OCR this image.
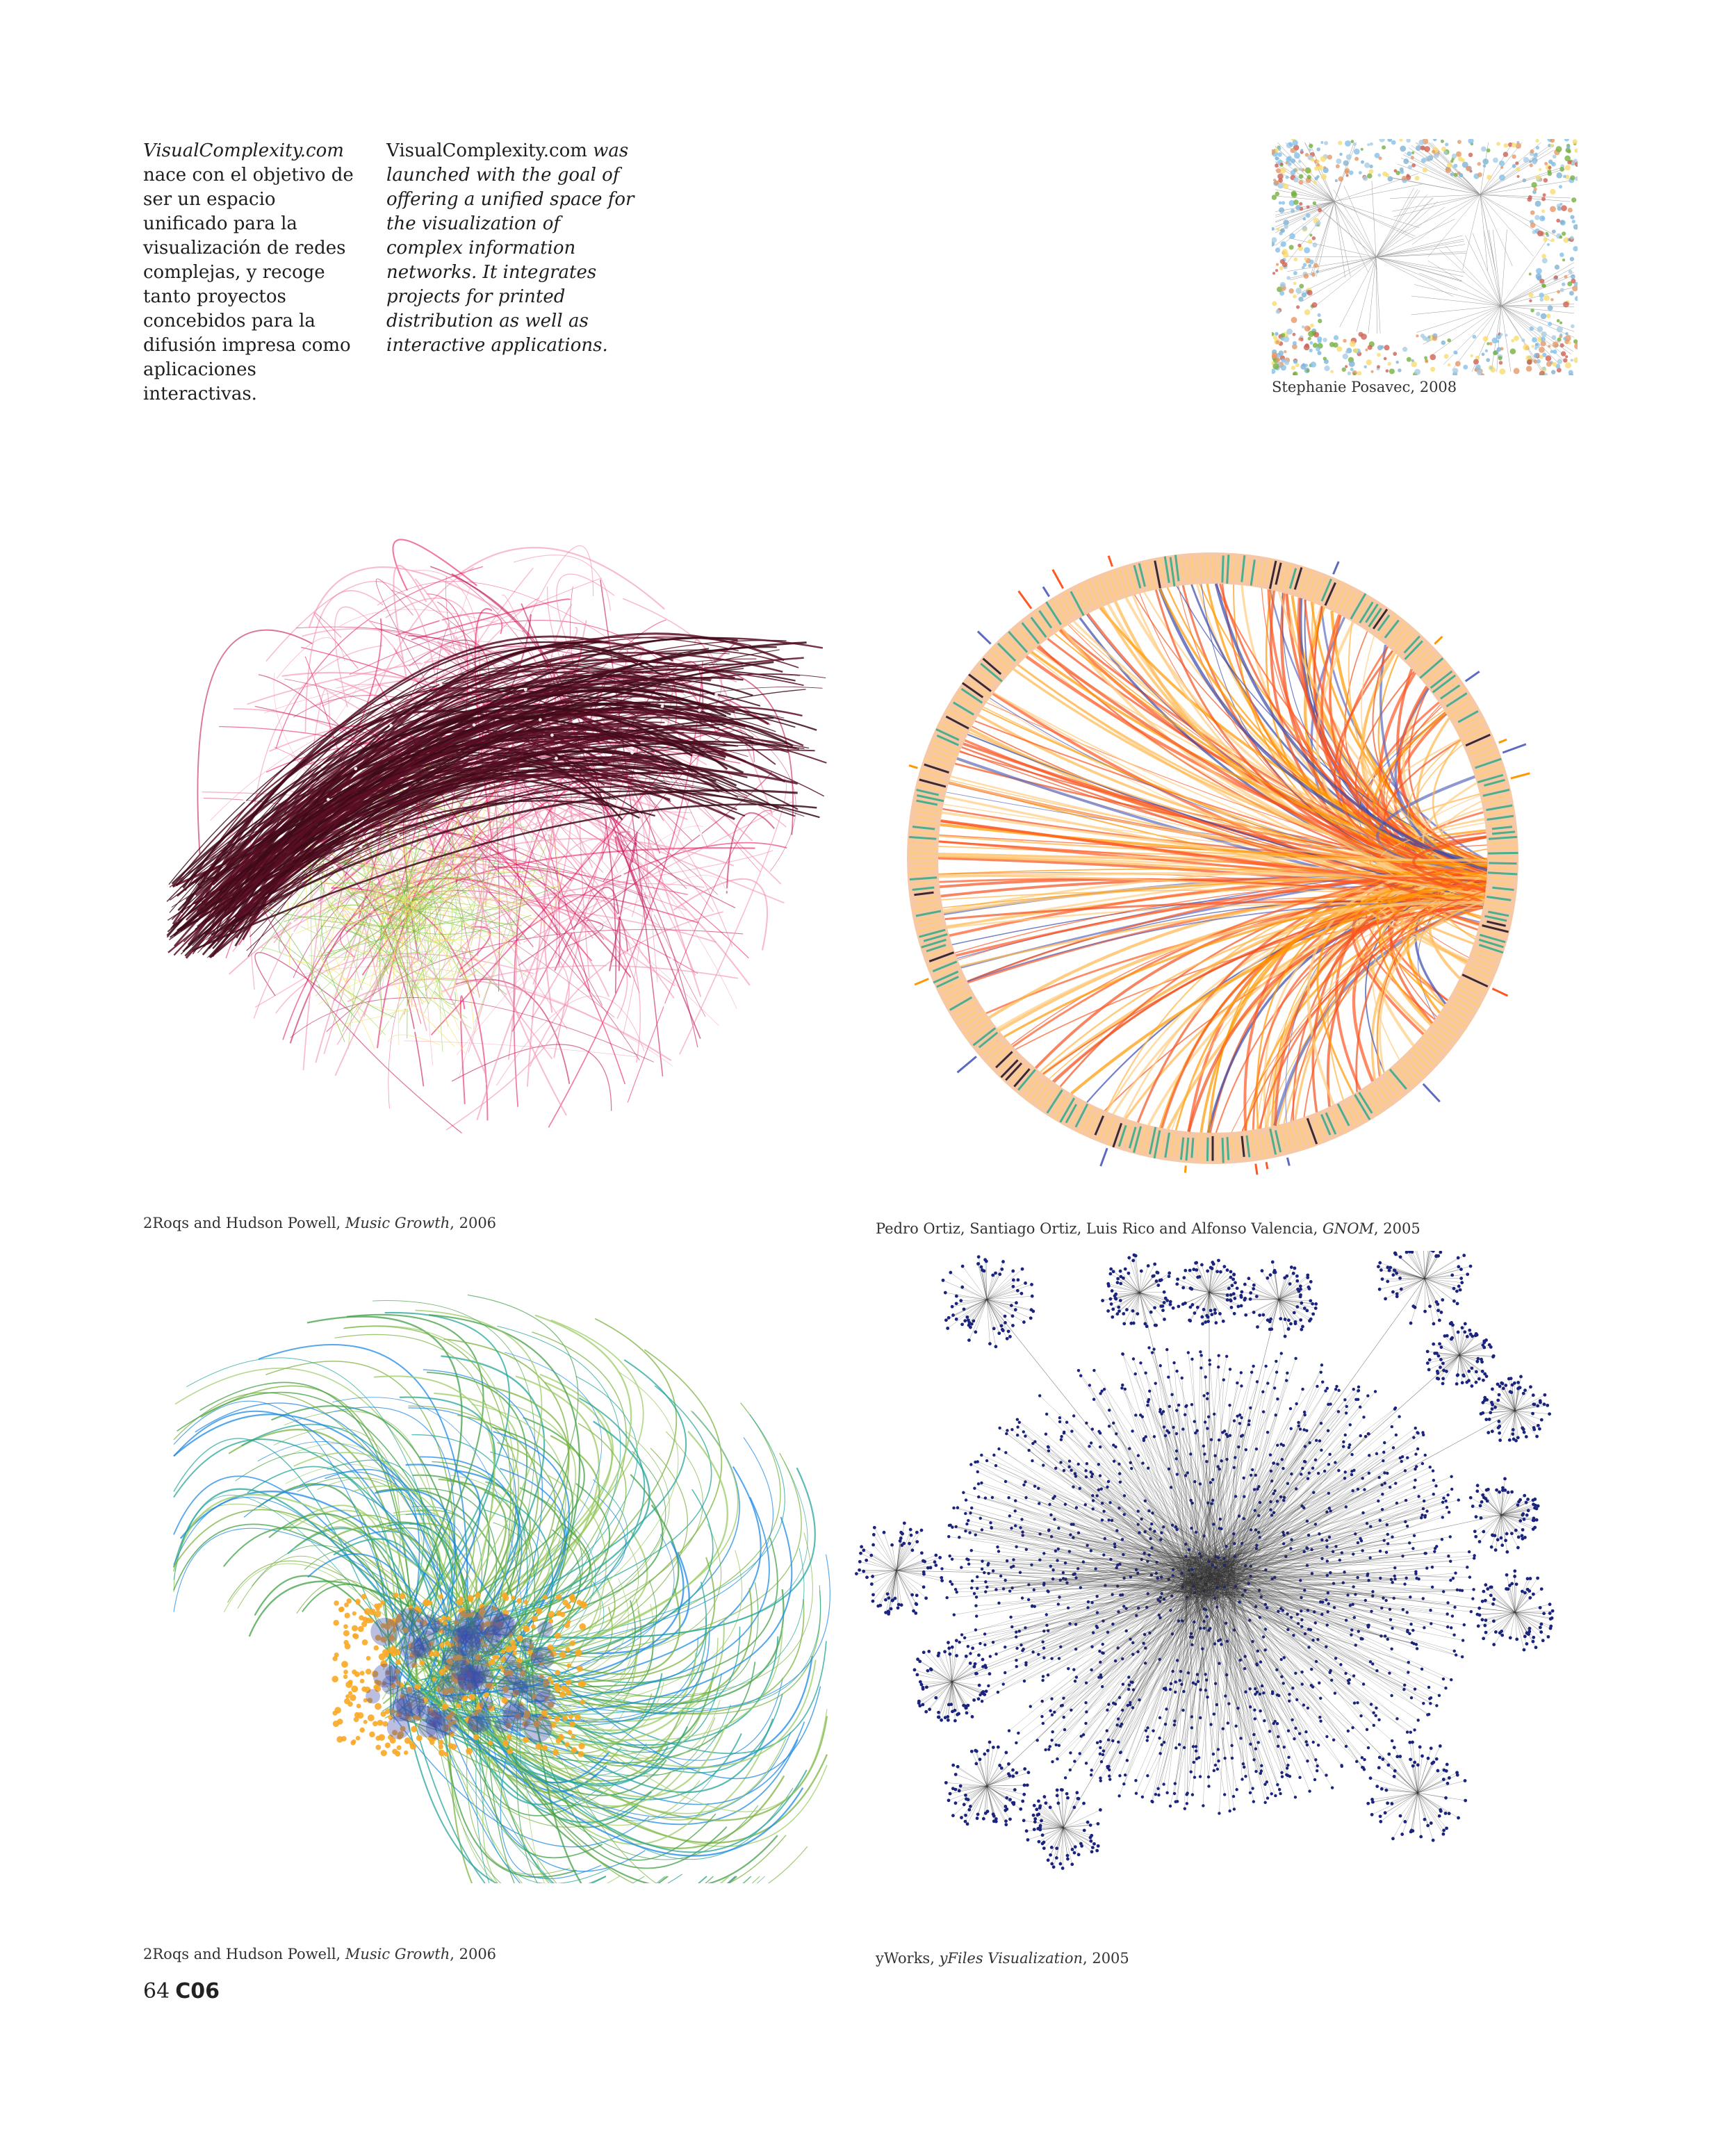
VisualComplexity.com
nace con el objetivo de ser un espacio unificado para la visualización de redes complejas, y recoge tanto proyectos concebidos para la difusión impresa como aplicaciones interactivas.
VisualComplexity.com was launched with the goal of offering a unified space for the visualization of complex information networks. It integrates projects for printed distribution as well as interactive applications.
Stephanie Posavec, 2008
2Roqs and Hudson Powell, Music Growth, 2006	Pedro Ortiz, Santiago Ortiz, Luis Rico and Alfonso Valencia, GNOM, 2005
2Roqs and Hudson Powell, Music Growth, 2006	yWorks, yFiles Visualization, 2005
64 C06
